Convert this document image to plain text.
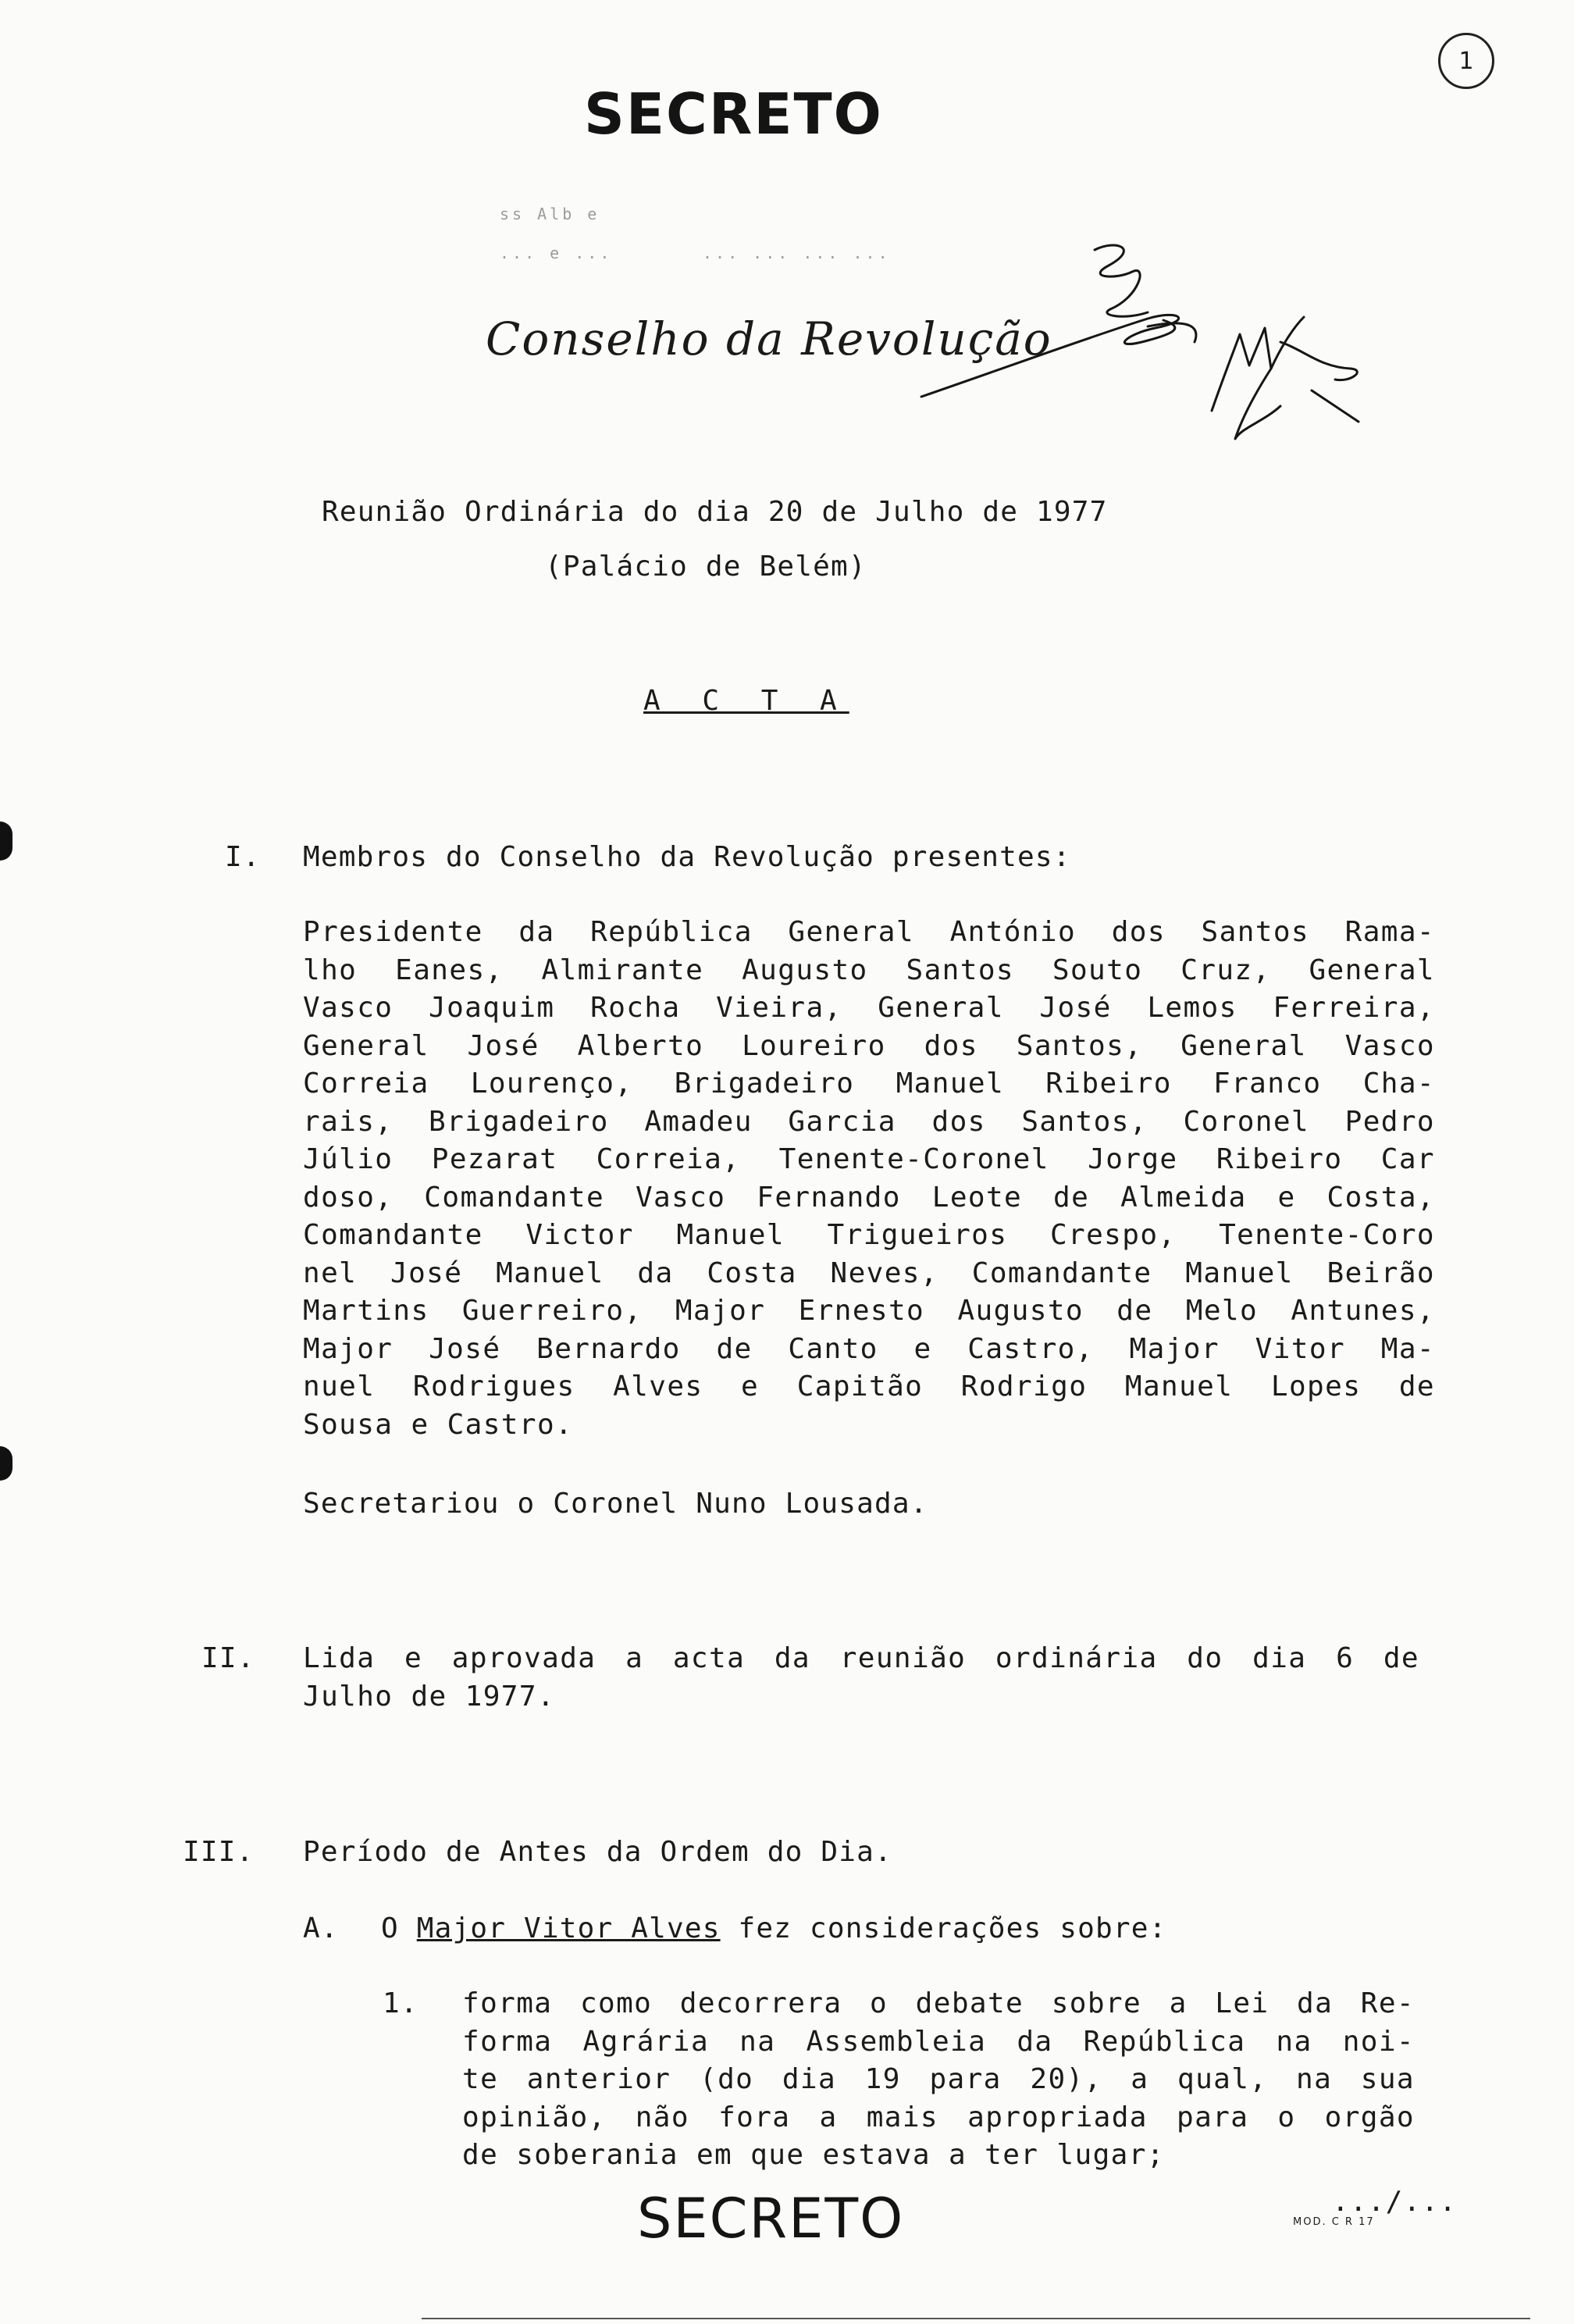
1
SECRETO
ss Alb e
... e ...	... ... ... ...
Conselho da Revolução
Reunião Ordinária do dia 20 de Julho de 1977
(Palácio de Belém)
A C T A
I. Membros do Conselho da Revolução presentes:
Presidente da República General António dos Santos Rama-
lho Eanes, Almirante Augusto Santos Souto Cruz, General
Vasco Joaquim Rocha Vieira, General José Lemos Ferreira,
General José Alberto Loureiro dos Santos, General Vasco
Correia Lourenço, Brigadeiro Manuel Ribeiro Franco Cha-
rais, Brigadeiro Amadeu Garcia dos Santos, Coronel Pedro
Júlio Pezarat Correia, Tenente-Coronel Jorge Ribeiro Car
doso, Comandante Vasco Fernando Leote de Almeida e Costa,
Comandante Victor Manuel Trigueiros Crespo, Tenente-Coro
nel José Manuel da Costa Neves, Comandante Manuel Beirão
Martins Guerreiro, Major Ernesto Augusto de Melo Antunes,
Major José Bernardo de Canto e Castro, Major Vitor Ma-
nuel Rodrigues Alves e Capitão Rodrigo Manuel Lopes de
Sousa e Castro.
Secretariou o Coronel Nuno Lousada.
II. Lida e aprovada a acta da reunião ordinária do dia 6 de
Julho de 1977.
III. Período de Antes da Ordem do Dia.
A. O Major Vitor Alves fez considerações sobre:
1. forma como decorrera o debate sobre a Lei da Re-
forma Agrária na Assembleia da República na noi-
te anterior (do dia 19 para 20), a qual, na sua
opinião, não fora a mais apropriada para o orgão
de soberania em que estava a ter lugar;
SECRETO	.../...
MOD. C R 17
